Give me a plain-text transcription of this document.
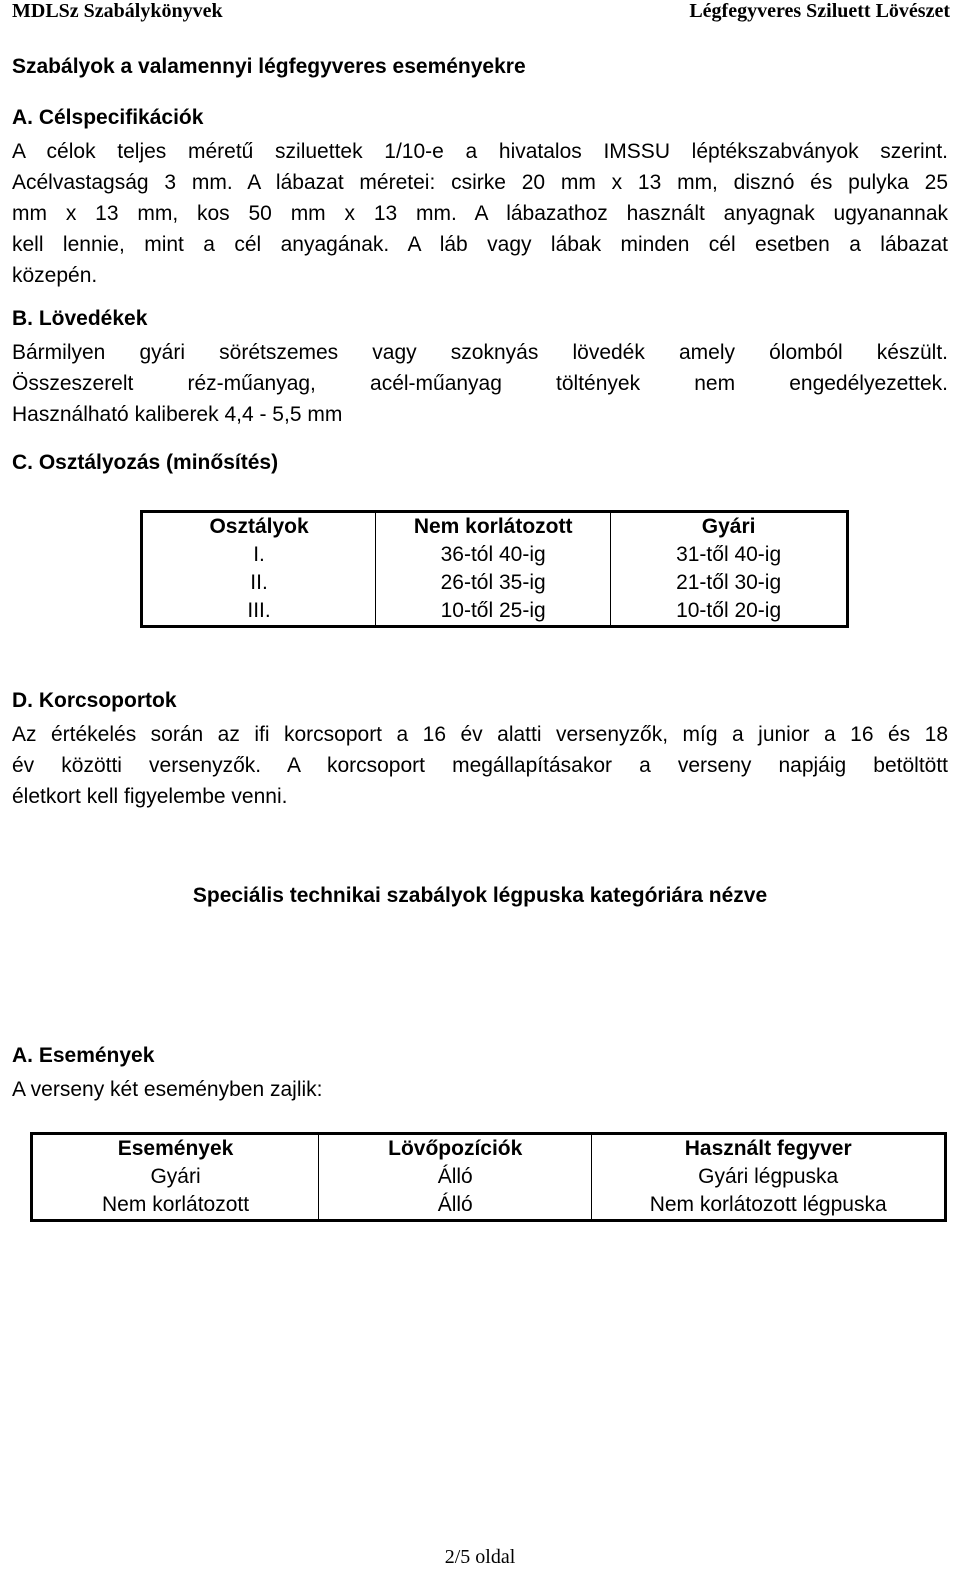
MDLSz Szabálykönyvek	Légfegyveres Sziluett Lövészet
Szabályok a valamennyi légfegyveres eseményekre
A. Célspecifikációk
A célok teljes méretű sziluettek 1/10-e a hivatalos IMSSU léptékszabványok szerint.
Acélvastagság 3 mm. A lábazat méretei: csirke 20 mm x 13 mm, disznó és pulyka 25
mm x 13 mm, kos 50 mm x 13 mm. A lábazathoz használt anyagnak ugyanannak
kell lennie, mint a cél anyagának. A láb vagy lábak minden cél esetben a lábazat
közepén.
B. Lövedékek
Bármilyen gyári sörétszemes vagy szoknyás lövedék amely ólomból készült.
Összeszerelt réz-műanyag, acél-műanyag töltények nem engedélyezettek.
Használható kaliberek 4,4 - 5,5 mm
C. Osztályozás (minősítés)
Osztályok	Nem korlátozott	Gyári
I.	36-tól 40-ig	31-től 40-ig
II.	26-tól 35-ig	21-től 30-ig
III.	10-től 25-ig	10-től 20-ig
D. Korcsoportok
Az értékelés során az ifi korcsoport a 16 év alatti versenyzők, míg a junior a 16 és 18
év közötti versenyzők. A korcsoport megállapításakor a verseny napjáig betöltött
életkort kell figyelembe venni.
Speciális technikai szabályok légpuska kategóriára nézve
A. Események
A verseny két eseményben zajlik:
Események	Lövőpozíciók	Használt fegyver
Gyári	Álló	Gyári légpuska
Nem korlátozott	Álló	Nem korlátozott légpuska
2/5 oldal
